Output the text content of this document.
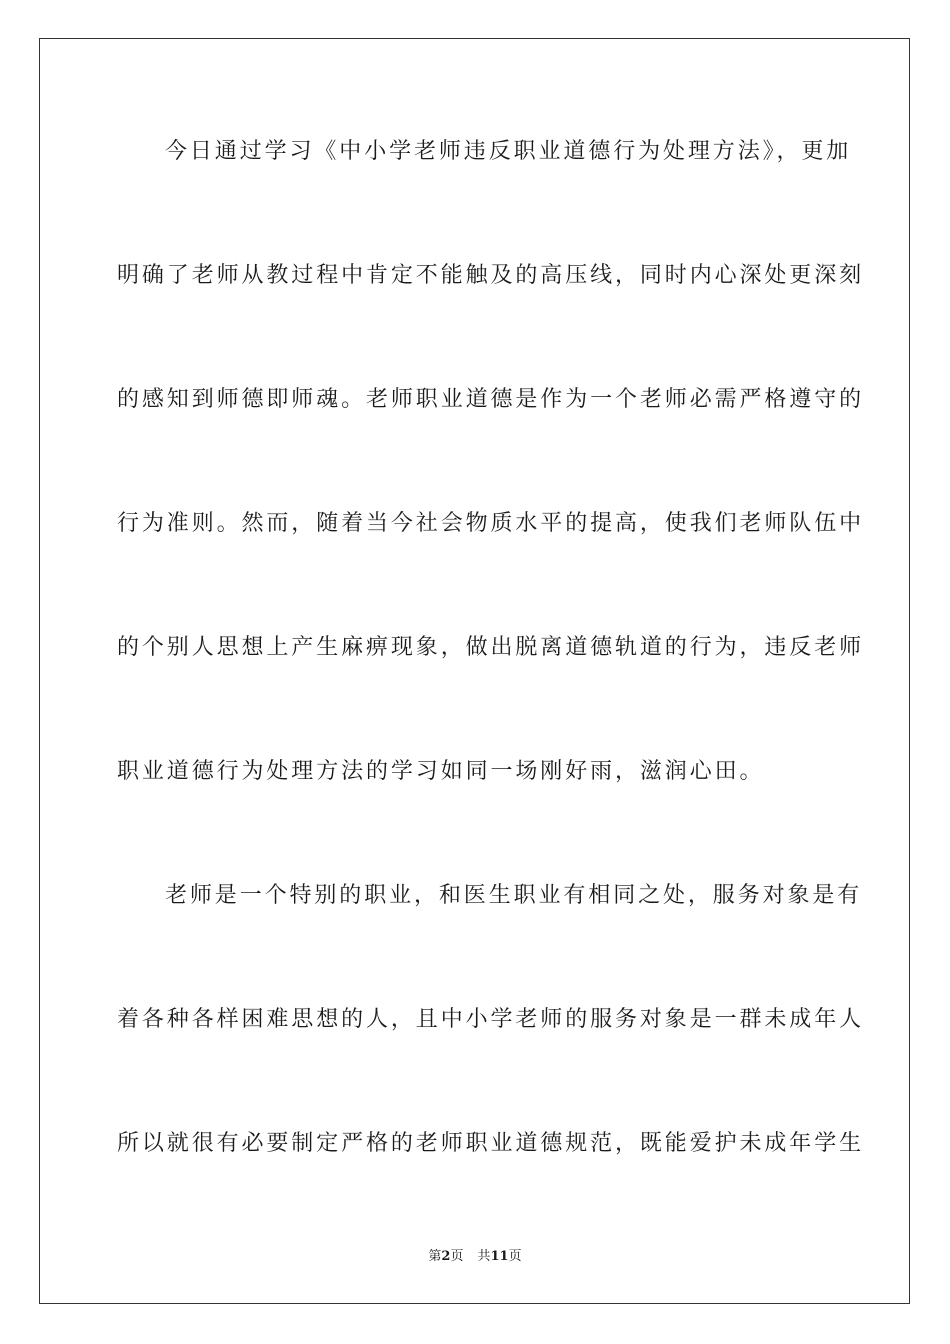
今日通过学习《中小学老师违反职业道德行为处理方法》，更加
明确了老师从教过程中肯定不能触及的高压线，同时内心深处更深刻
的感知到师德即师魂。老师职业道德是作为一个老师必需严格遵守的
行为准则。然而，随着当今社会物质水平的提高，使我们老师队伍中
的个别人思想上产生麻痹现象，做出脱离道德轨道的行为，违反老师
职业道德行为处理方法的学习如同一场刚好雨，滋润心田。
老师是一个特别的职业，和医生职业有相同之处，服务对象是有
着各种各样困难思想的人，且中小学老师的服务对象是一群未成年人
所以就很有必要制定严格的老师职业道德规范，既能爱护未成年学生
第2页 共11页
